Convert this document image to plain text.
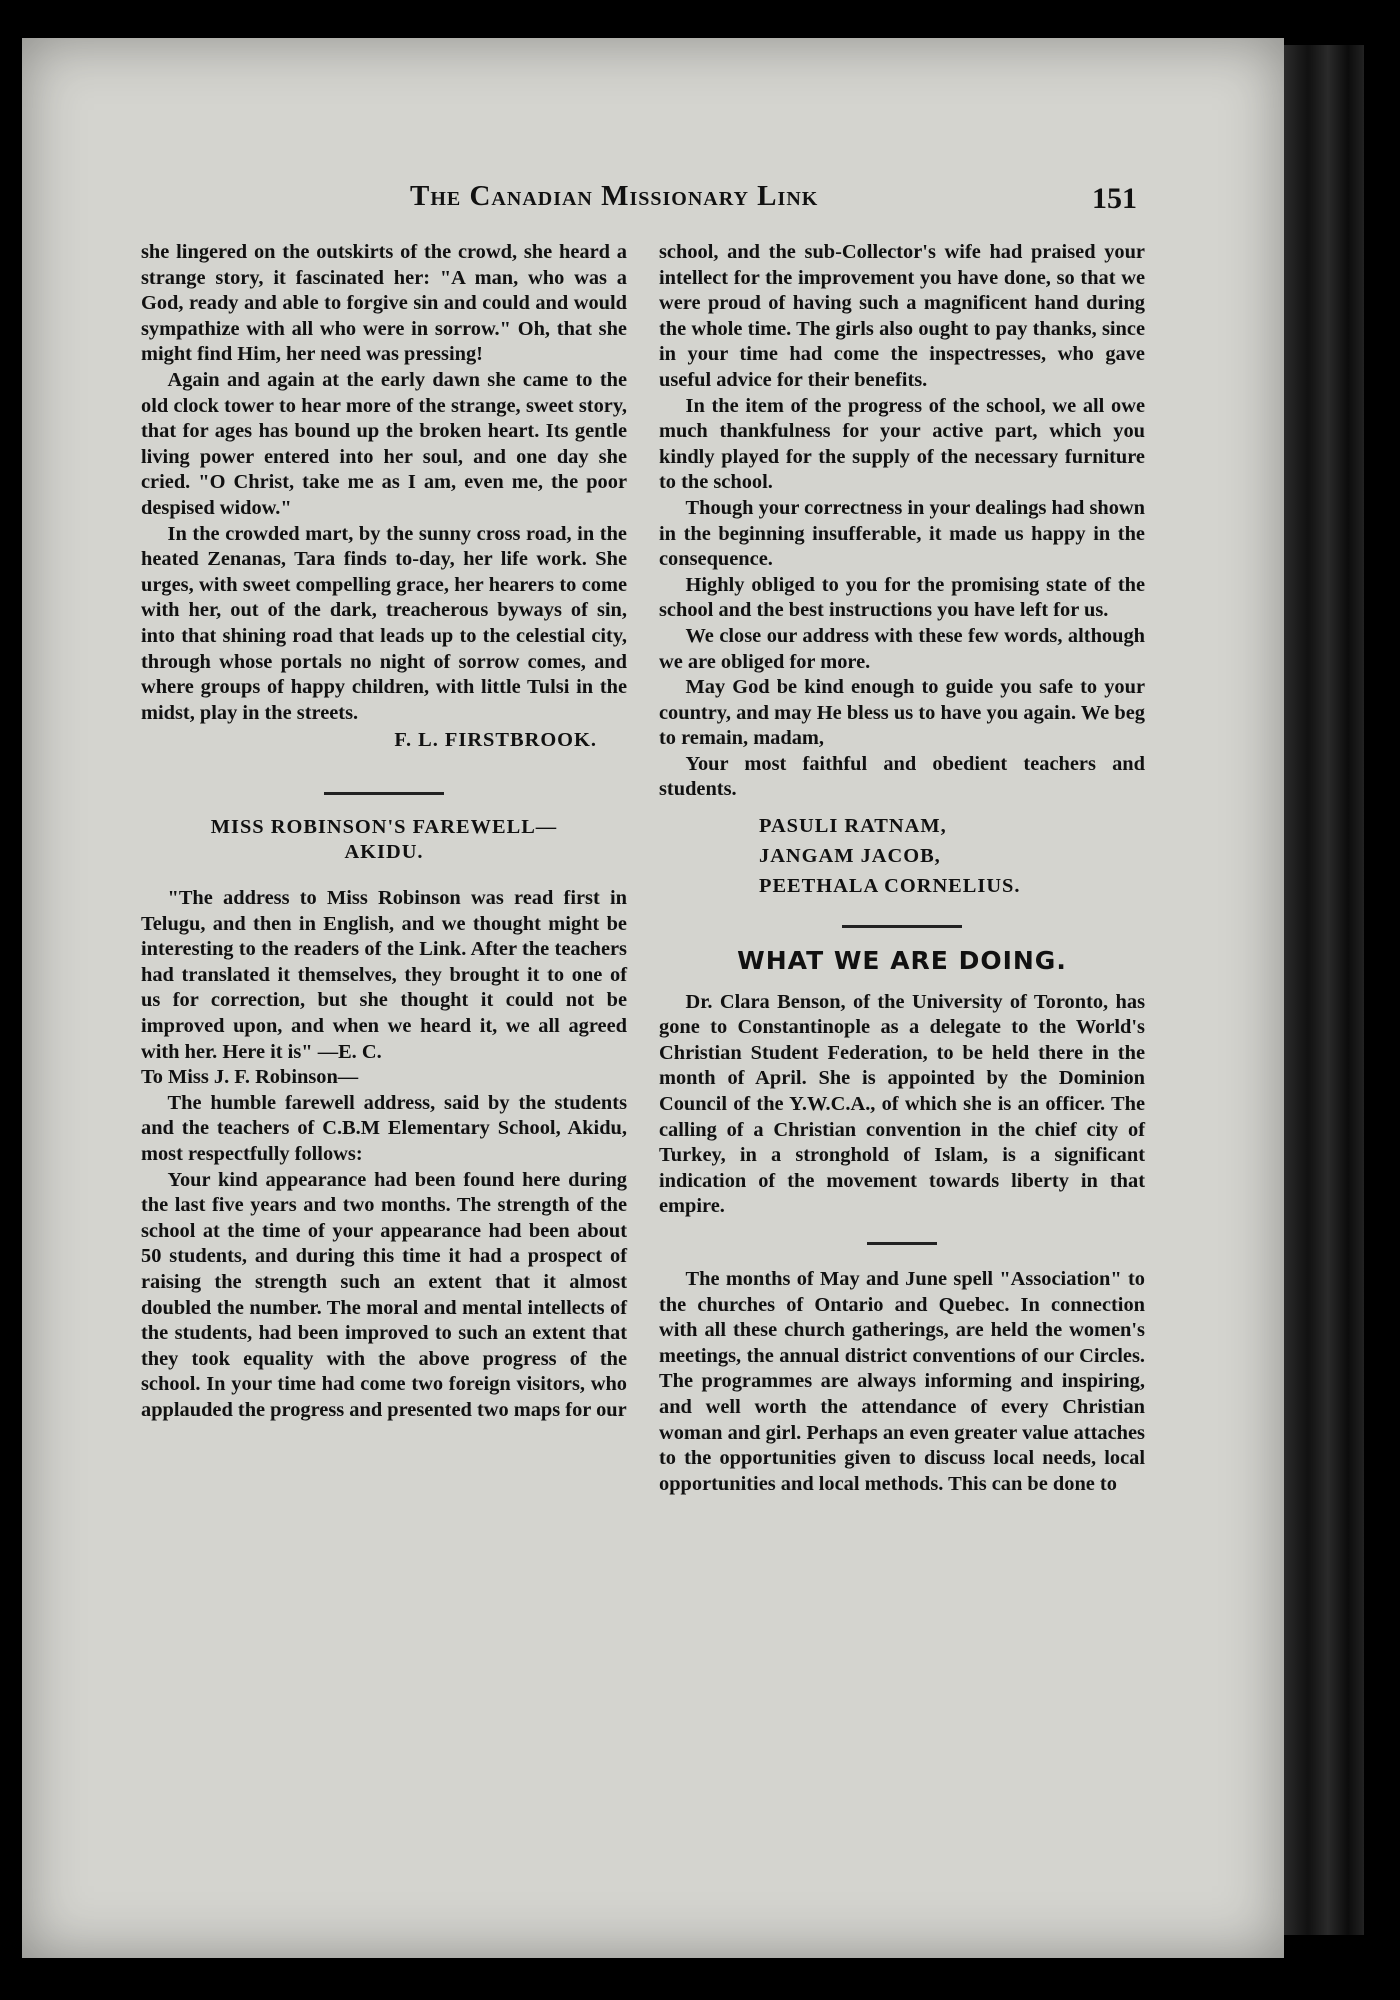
The Canadian Missionary Link	151

she lingered on the outskirts of the crowd, she heard a strange story, it fascinated her: "A man, who was a God, ready and able to forgive sin and could and would sympathize with all who were in sorrow." Oh, that she might find Him, her need was pressing!

Again and again at the early dawn she came to the old clock tower to hear more of the strange, sweet story, that for ages has bound up the broken heart. Its gentle living power entered into her soul, and one day she cried. "O Christ, take me as I am, even me, the poor despised widow."

In the crowded mart, by the sunny cross road, in the heated Zenanas, Tara finds to-day, her life work. She urges, with sweet compelling grace, her hearers to come with her, out of the dark, treacherous byways of sin, into that shining road that leads up to the celestial city, through whose portals no night of sorrow comes, and where groups of happy children, with little Tulsi in the midst, play in the streets.

F. L. FIRSTBROOK.
MISS ROBINSON'S FAREWELL—
AKIDU.

"The address to Miss Robinson was read first in Telugu, and then in English, and we thought might be interesting to the readers of the Link. After the teachers had translated it themselves, they brought it to one of us for correction, but she thought it could not be improved upon, and when we heard it, we all agreed with her. Here it is" —E. C.

To Miss J. F. Robinson—

The humble farewell address, said by the students and the teachers of C.B.M Elementary School, Akidu, most respectfully follows:

Your kind appearance had been found here during the last five years and two months. The strength of the school at the time of your appearance had been about 50 students, and during this time it had a prospect of raising the strength such an extent that it almost doubled the number. The moral and mental intellects of the students, had been improved to such an extent that they took equality with the above progress of the school. In your time had come two foreign visitors, who applauded the progress and presented two maps for our

school, and the sub-Collector's wife had praised your intellect for the improvement you have done, so that we were proud of having such a magnificent hand during the whole time. The girls also ought to pay thanks, since in your time had come the inspectresses, who gave useful advice for their benefits.

In the item of the progress of the school, we all owe much thankfulness for your active part, which you kindly played for the supply of the necessary furniture to the school.

Though your correctness in your dealings had shown in the beginning insufferable, it made us happy in the consequence.

Highly obliged to you for the promising state of the school and the best instructions you have left for us.

We close our address with these few words, although we are obliged for more.

May God be kind enough to guide you safe to your country, and may He bless us to have you again. We beg to remain, madam,

Your most faithful and obedient teachers and students.

PASULI RATNAM,
JANGAM JACOB,
PEETHALA CORNELIUS.
WHAT WE ARE DOING.

Dr. Clara Benson, of the University of Toronto, has gone to Constantinople as a delegate to the World's Christian Student Federation, to be held there in the month of April. She is appointed by the Dominion Council of the Y.W.C.A., of which she is an officer. The calling of a Christian convention in the chief city of Turkey, in a stronghold of Islam, is a significant indication of the movement towards liberty in that empire.

The months of May and June spell "Association" to the churches of Ontario and Quebec. In connection with all these church gatherings, are held the women's meetings, the annual district conventions of our Circles. The programmes are always informing and inspiring, and well worth the attendance of every Christian woman and girl. Perhaps an even greater value attaches to the opportunities given to discuss local needs, local opportunities and local methods. This can be done to
